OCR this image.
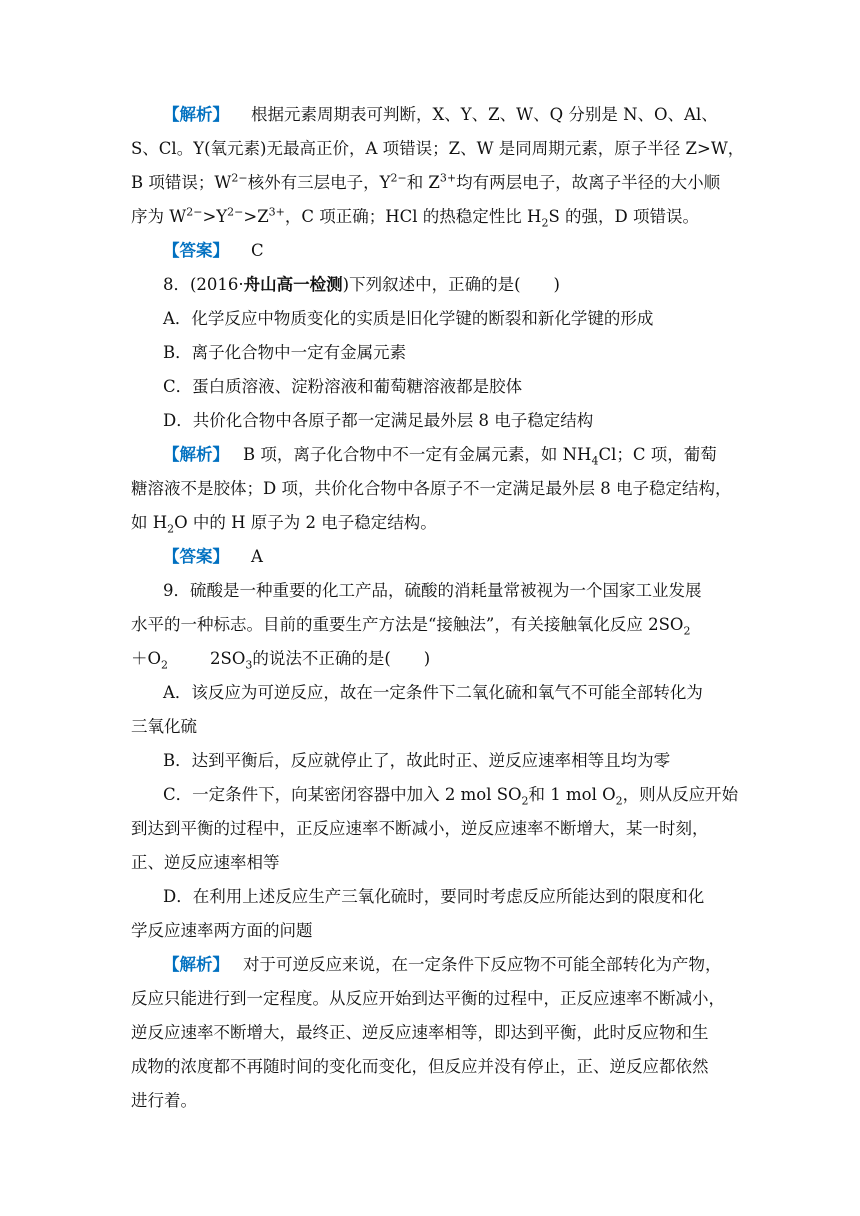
【解析】 根据元素周期表可判断，X、Y、Z、W、Q 分别是 N、O、Al、
S、Cl。Y(氧元素)无最高正价，A 项错误；Z、W 是同周期元素，原子半径 Z>W，
B 项错误；$W^{2-}$核外有三层电子，$Y^{2-}$和 $Z^{3+}$均有两层电子，故离子半径的大小顺
序为 $W^{2-}>Y^{2-}>Z^{3+}$，C 项正确；HCl 的热稳定性比 $H_2S$ 的强，D 项错误。
【答案】 C
8．(2016·舟山高一检测)下列叙述中，正确的是(　　)
A．化学反应中物质变化的实质是旧化学键的断裂和新化学键的形成
B．离子化合物中一定有金属元素
C．蛋白质溶液、淀粉溶液和葡萄糖溶液都是胶体
D．共价化合物中各原子都一定满足最外层 8 电子稳定结构
【解析】 B 项，离子化合物中不一定有金属元素，如 $NH_4Cl$；C 项，葡萄
糖溶液不是胶体；D 项，共价化合物中各原子不一定满足最外层 8 电子稳定结构，
如 $H_2O$ 中的 H 原子为 2 电子稳定结构。
【答案】 A
9．硫酸是一种重要的化工产品，硫酸的消耗量常被视为一个国家工业发展
水平的一种标志。目前的重要生产方法是“接触法”，有关接触氧化反应 $2SO_2$
$+O_2$	$2SO_3$的说法不正确的是(　　)
A．该反应为可逆反应，故在一定条件下二氧化硫和氧气不可能全部转化为
三氧化硫
B．达到平衡后，反应就停止了，故此时正、逆反应速率相等且均为零
C．一定条件下，向某密闭容器中加入 2 mol $SO_2$和 1 mol $O_2$，则从反应开始
到达到平衡的过程中，正反应速率不断减小，逆反应速率不断增大，某一时刻，
正、逆反应速率相等
D．在利用上述反应生产三氧化硫时，要同时考虑反应所能达到的限度和化
学反应速率两方面的问题
【解析】 对于可逆反应来说，在一定条件下反应物不可能全部转化为产物，
反应只能进行到一定程度。从反应开始到达平衡的过程中，正反应速率不断减小，
逆反应速率不断增大，最终正、逆反应速率相等，即达到平衡，此时反应物和生
成物的浓度都不再随时间的变化而变化，但反应并没有停止，正、逆反应都依然
进行着。
